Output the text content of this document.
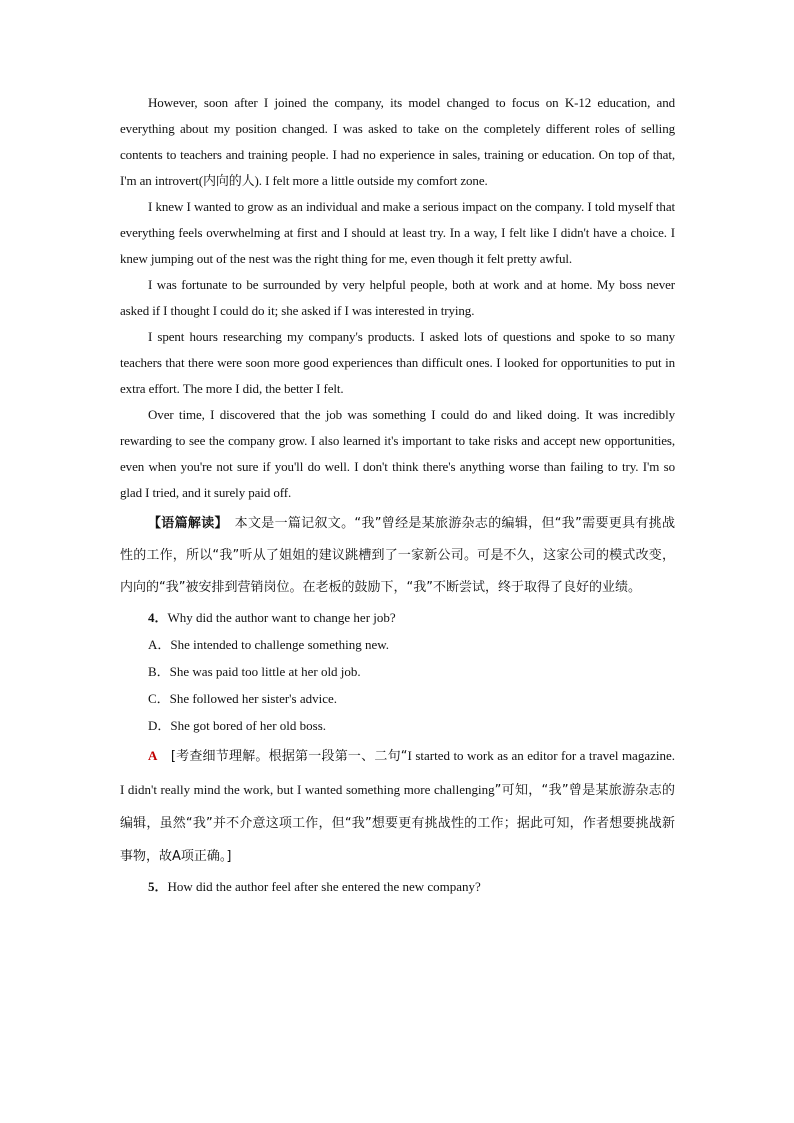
However, soon after I joined the company, its model changed to focus on K-12 education, and everything about my position changed. I was asked to take on the completely different roles of selling contents to teachers and training people. I had no experience in sales, training or education. On top of that, I'm an introvert(内向的人). I felt more a little outside my comfort zone.

I knew I wanted to grow as an individual and make a serious impact on the company. I told myself that everything feels overwhelming at first and I should at least try. In a way, I felt like I didn't have a choice. I knew jumping out of the nest was the right thing for me, even though it felt pretty awful.

I was fortunate to be surrounded by very helpful people, both at work and at home. My boss never asked if I thought I could do it; she asked if I was interested in trying.

I spent hours researching my company's products. I asked lots of questions and spoke to so many teachers that there were soon more good experiences than difficult ones. I looked for opportunities to put in extra effort. The more I did, the better I felt.

Over time, I discovered that the job was something I could do and liked doing. It was incredibly rewarding to see the company grow. I also learned it's important to take risks and accept new opportunities, even when you're not sure if you'll do well. I don't think there's anything worse than failing to try. I'm so glad I tried, and it surely paid off.

【语篇解读】　 本文是一篇记叙文。“我”曾经是某旅游杂志的编辑，但“我”需要更具有挑战性的工作，所以“我”听从了姐姐的建议跳槽到了一家新公司。可是不久，这家公司的模式改变，内向的“我”被安排到营销岗位。在老板的鼓励下，“我”不断尝试，终于取得了良好的业绩。

4．Why did the author want to change her job?

A．She intended to challenge something new.

B．She was paid too little at her old job.

C．She followed her sister's advice.

D．She got bored of her old boss.

A　 [考查细节理解。根据第一段第一、二句“I started to work as an editor for a travel magazine. I didn't really mind the work, but I wanted something more challenging”可知，“我”曾是某旅游杂志的编辑，虽然“我”并不介意这项工作，但“我”想要更有挑战性的工作；据此可知，作者想要挑战新事物，故A项正确。]

5．How did the author feel after she entered the new company?
